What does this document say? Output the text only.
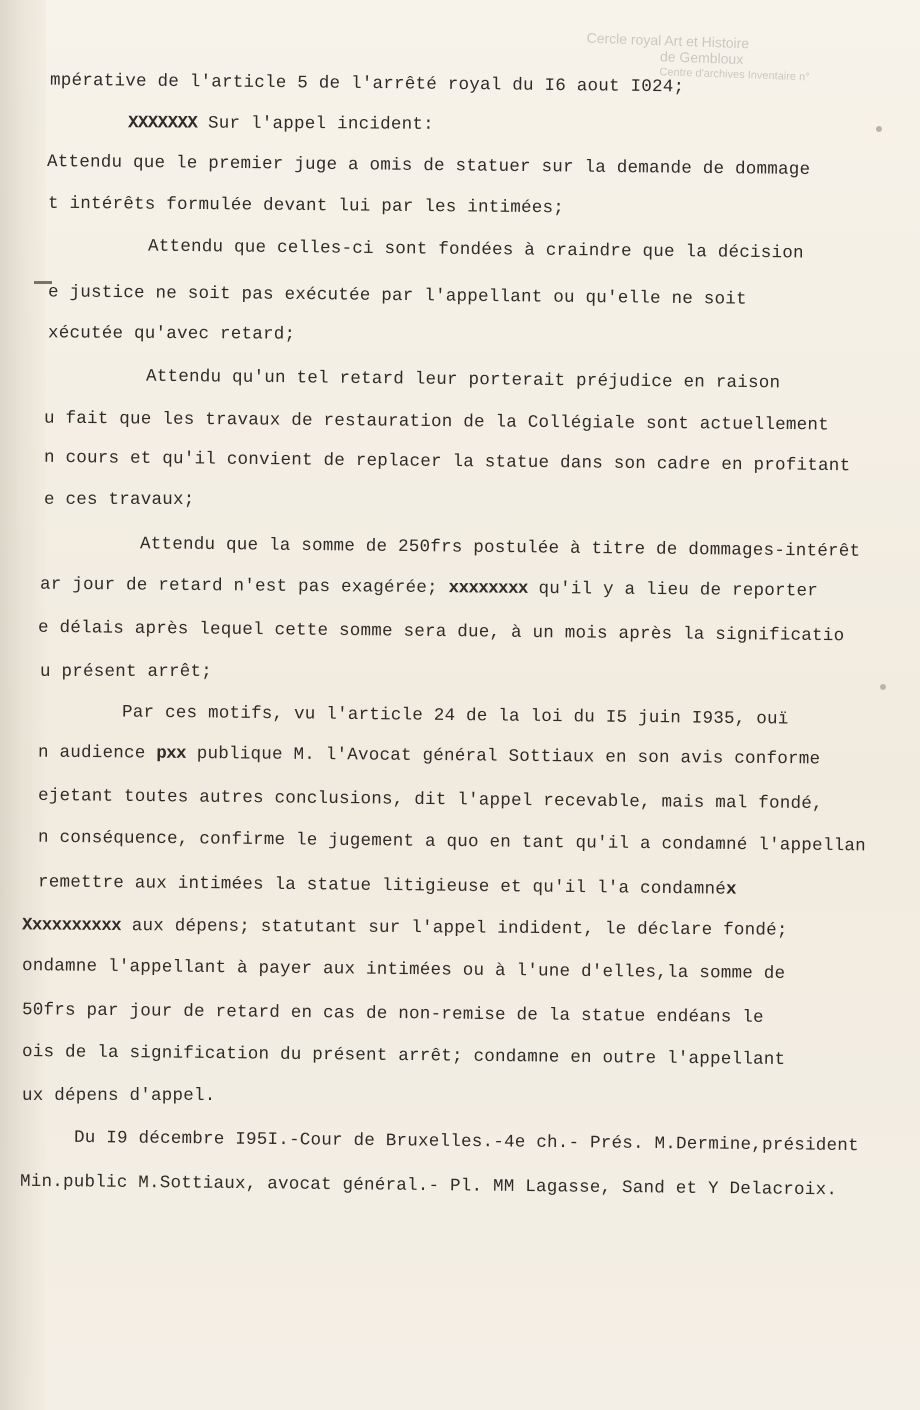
Cercle royal Art et Histoire
de Gembloux
Centre d'archives Inventaire n°
mpérative de l'article 5 de l'arrêté royal du I6 aout I024;
XXXXXXX Sur l'appel incident:
Attendu que le premier juge a omis de statuer sur la demande de dommage
t intérêts formulée devant lui par les intimées;
Attendu que celles-ci sont fondées à craindre que la décision
e justice ne soit pas exécutée par l'appellant ou qu'elle ne soit
xécutée qu'avec retard;
Attendu qu'un tel retard leur porterait préjudice en raison
u fait que les travaux de restauration de la Collégiale sont actuellement
n cours et qu'il convient de replacer la statue dans son cadre en profitant
e ces travaux;
Attendu que la somme de 250frs postulée à titre de dommages-intérêt
ar jour de retard n'est pas exagérée; xxxxxxxx qu'il y a lieu de reporter
e délais après lequel cette somme sera due, à un mois après la significatio
u présent arrêt;
Par ces motifs, vu l'article 24 de la loi du I5 juin I935, ouï
n audience pxx publique M. l'Avocat général Sottiaux en son avis conforme
ejetant toutes autres conclusions, dit l'appel recevable, mais mal fondé,
n conséquence, confirme le jugement a quo en tant qu'il a condamné l'appellan
remettre aux intimées la statue litigieuse et qu'il l'a condamnéx
Xxxxxxxxxx aux dépens; statutant sur l'appel indident, le déclare fondé;
ondamne l'appellant à payer aux intimées ou à l'une d'elles,la somme de
50frs par jour de retard en cas de non-remise de la statue endéans le
ois de la signification du présent arrêt; condamne en outre l'appellant
ux dépens d'appel.
Du I9 décembre I95I.-Cour de Bruxelles.-4e ch.- Prés. M.Dermine,président
Min.public M.Sottiaux, avocat général.- Pl. MM Lagasse, Sand et Y Delacroix.
